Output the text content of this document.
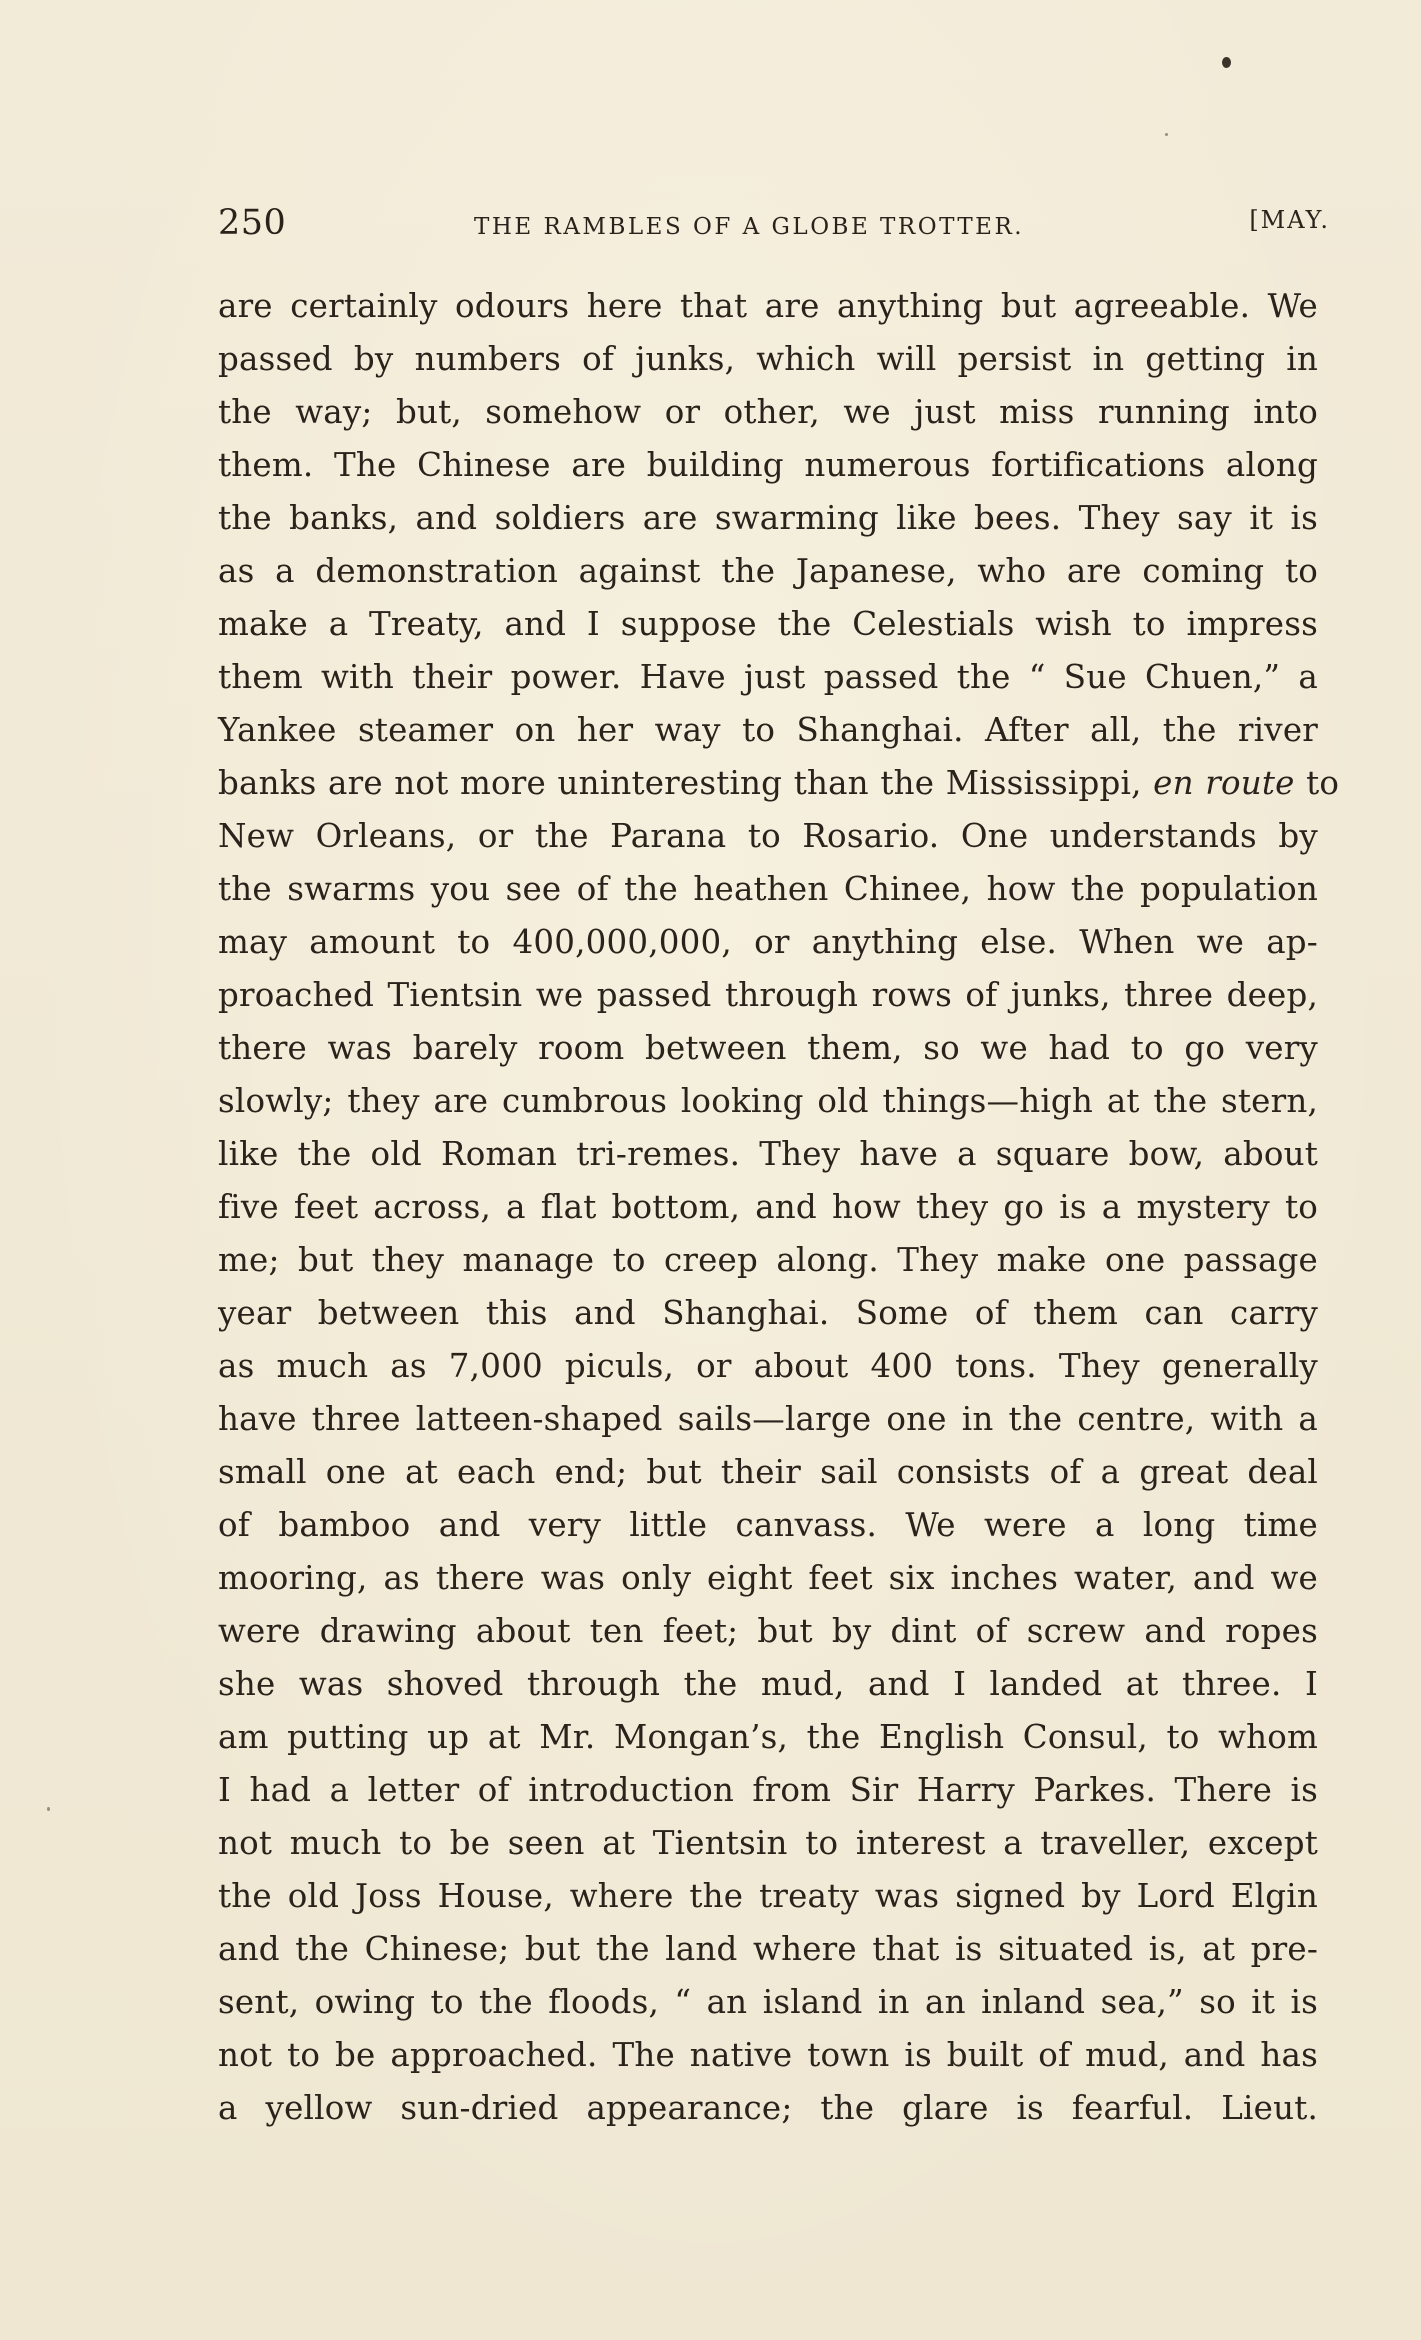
250	THE RAMBLES OF A GLOBE TROTTER.	[MAY.
are certainly odours here that are anything but agreeable. We
passed by numbers of junks, which will persist in getting in
the way; but, somehow or other, we just miss running into
them. The Chinese are building numerous fortifications along
the banks, and soldiers are swarming like bees. They say it is
as a demonstration against the Japanese, who are coming to
make a Treaty, and I suppose the Celestials wish to impress
them with their power. Have just passed the “ Sue Chuen,” a
Yankee steamer on her way to Shanghai. After all, the river
banks are not more uninteresting than the Mississippi, en route to
New Orleans, or the Parana to Rosario. One understands by
the swarms you see of the heathen Chinee, how the population
may amount to 400,000,000, or anything else. When we ap-
proached Tientsin we passed through rows of junks, three deep,
there was barely room between them, so we had to go very
slowly; they are cumbrous looking old things—high at the stern,
like the old Roman tri-remes. They have a square bow, about
five feet across, a flat bottom, and how they go is a mystery to
me; but they manage to creep along. They make one passage
year between this and Shanghai. Some of them can carry
as much as 7,000 piculs, or about 400 tons. They generally
have three latteen-shaped sails—large one in the centre, with a
small one at each end; but their sail consists of a great deal
of bamboo and very little canvass. We were a long time
mooring, as there was only eight feet six inches water, and we
were drawing about ten feet; but by dint of screw and ropes
she was shoved through the mud, and I landed at three. I
am putting up at Mr. Mongan’s, the English Consul, to whom
I had a letter of introduction from Sir Harry Parkes. There is
not much to be seen at Tientsin to interest a traveller, except
the old Joss House, where the treaty was signed by Lord Elgin
and the Chinese; but the land where that is situated is, at pre-
sent, owing to the floods, “ an island in an inland sea,” so it is
not to be approached. The native town is built of mud, and has
a yellow sun-dried appearance; the glare is fearful. Lieut.
